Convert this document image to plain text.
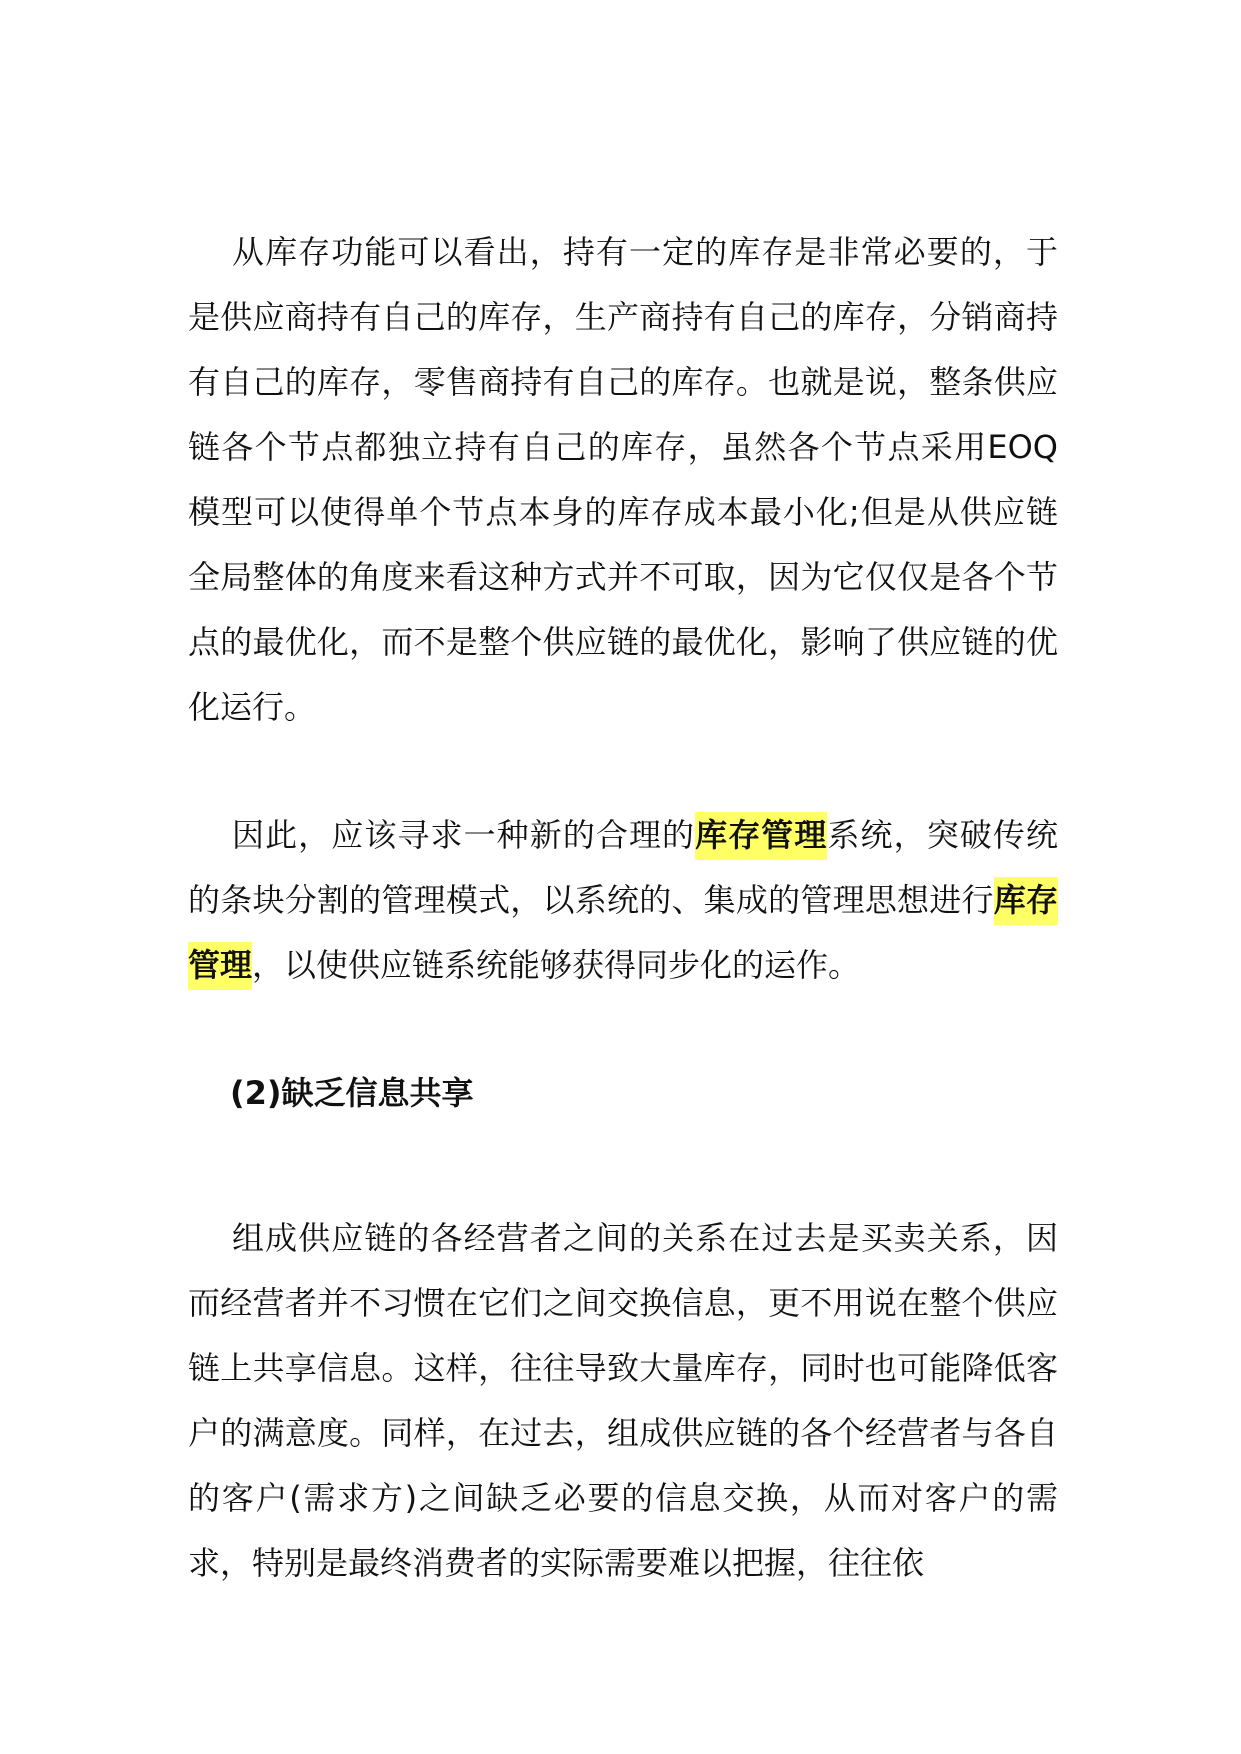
从库存功能可以看出，持有一定的库存是非常必要的，于是供应商持有自己的库存，生产商持有自己的库存，分销商持有自己的库存，零售商持有自己的库存。也就是说，整条供应链各个节点都独立持有自己的库存，虽然各个节点采用EOQ 模型可以使得单个节点本身的库存成本最小化;但是从供应链全局整体的角度来看这种方式并不可取，因为它仅仅是各个节点的最优化，而不是整个供应链的最优化，影响了供应链的优化运行。

因此，应该寻求一种新的合理的库存管理系统，突破传统的条块分割的管理模式，以系统的、集成的管理思想进行库存管理，以使供应链系统能够获得同步化的运作。

(2)缺乏信息共享

组成供应链的各经营者之间的关系在过去是买卖关系，因而经营者并不习惯在它们之间交换信息，更不用说在整个供应链上共享信息。这样，往往导致大量库存，同时也可能降低客户的满意度。同样，在过去，组成供应链的各个经营者与各自的客户(需求方)之间缺乏必要的信息交换，从而对客户的需求，特别是最终消费者的实际需要难以把握，往往依
